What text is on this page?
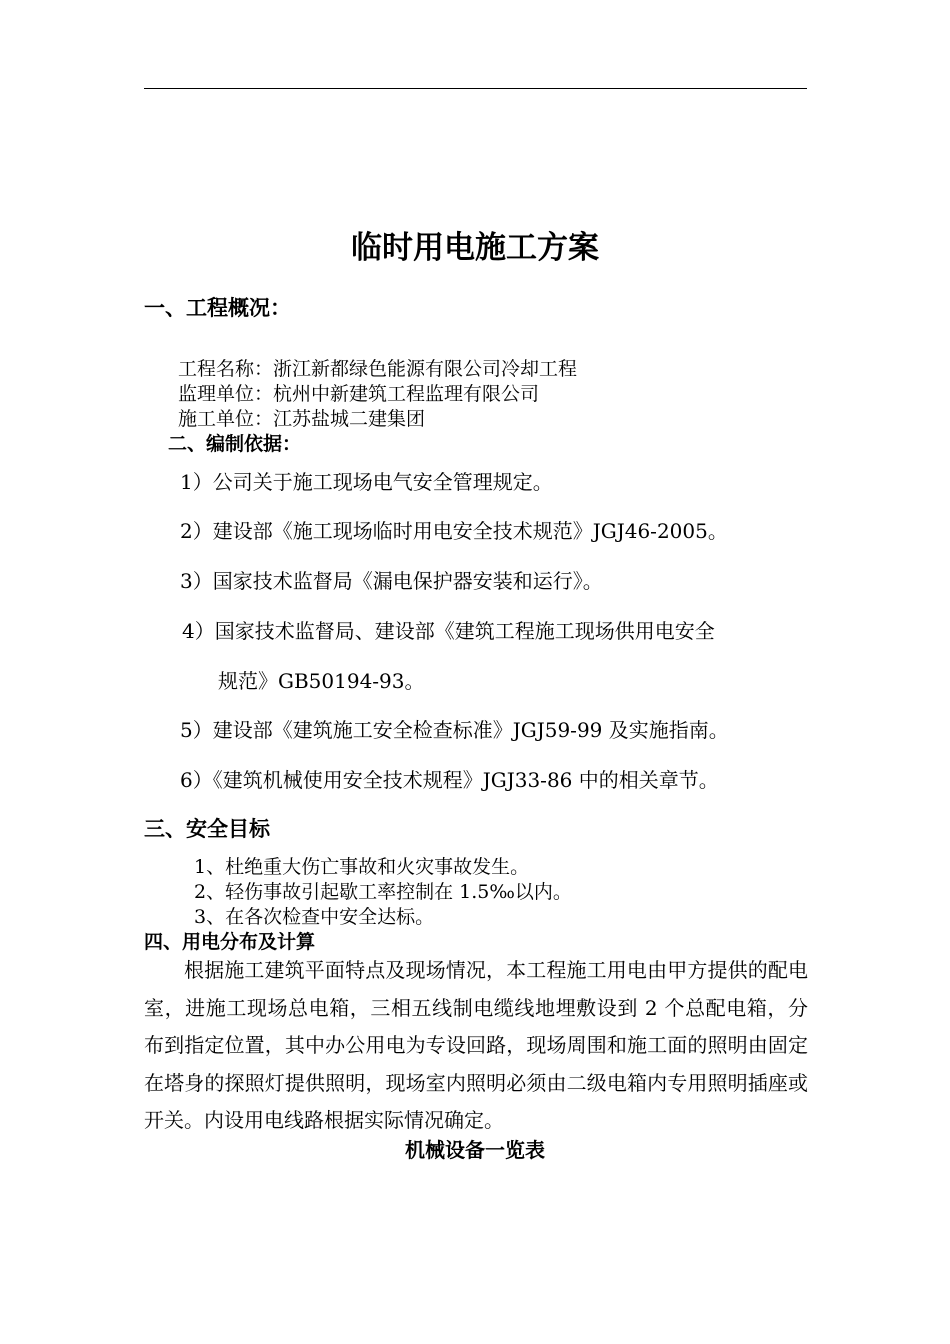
临时用电施工方案
一、工程概况：
工程名称：浙江新都绿色能源有限公司冷却工程
监理单位：杭州中新建筑工程监理有限公司
施工单位：江苏盐城二建集团
二、编制依据：
1）公司关于施工现场电气安全管理规定。
2）建设部《施工现场临时用电安全技术规范》JGJ46-2005。
3）国家技术监督局《漏电保护器安装和运行》。
4）国家技术监督局、建设部《建筑工程施工现场供用电安全
规范》GB50194-93。
5）建设部《建筑施工安全检查标准》JGJ59-99 及实施指南。
6）《建筑机械使用安全技术规程》JGJ33-86 中的相关章节。
三、安全目标
1、杜绝重大伤亡事故和火灾事故发生。
2、轻伤事故引起歇工率控制在 1.5‰以内。
3、在各次检查中安全达标。
四、用电分布及计算
根据施工建筑平面特点及现场情况，本工程施工用电由甲方提供的配电室，进施工现场总电箱，三相五线制电缆线地埋敷设到 2 个总配电箱，分布到指定位置，其中办公用电为专设回路，现场周围和施工面的照明由固定在塔身的探照灯提供照明，现场室内照明必须由二级电箱内专用照明插座或开关。内设用电线路根据实际情况确定。
机械设备一览表
